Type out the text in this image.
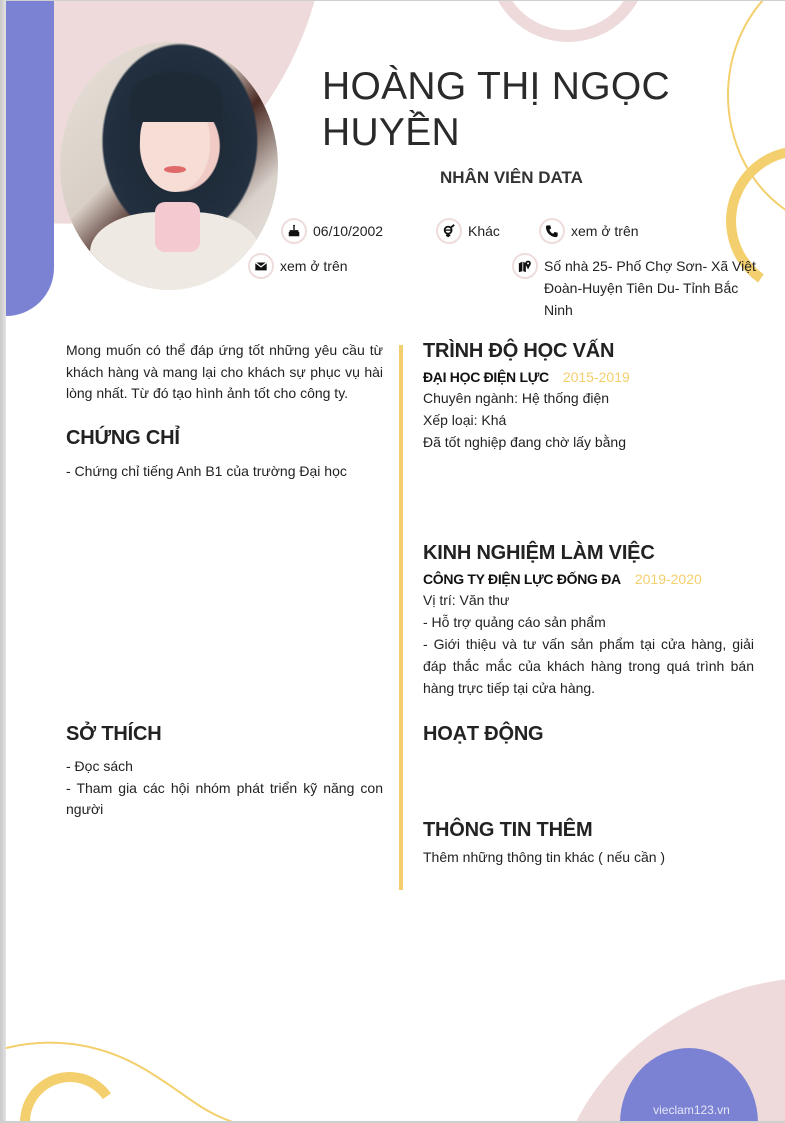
HOÀNG THỊ NGỌC HUYỀN
NHÂN VIÊN DATA
06/10/2002	Khác	xem ở trên
xem ở trên	Số nhà 25- Phố Chợ Sơn- Xã Việt Đoàn-Huyện Tiên Du- Tỉnh Bắc Ninh

Mong muốn có thể đáp ứng tốt những yêu cầu từ khách hàng và mang lại cho khách sự phục vụ hài lòng nhất. Từ đó tạo hình ảnh tốt cho công ty.

CHỨNG CHỈ
- Chứng chỉ tiếng Anh B1 của trường Đại học
SỞ THÍCH
- Đọc sách
- Tham gia các hội nhóm phát triển kỹ năng con người
TRÌNH ĐỘ HỌC VẤN
ĐẠI HỌC ĐIỆN LỰC 2015-2019
Chuyên ngành: Hệ thống điện
Xếp loại: Khá
Đã tốt nghiệp đang chờ lấy bằng
KINH NGHIỆM LÀM VIỆC
CÔNG TY ĐIỆN LỰC ĐỐNG ĐA 2019-2020
Vị trí: Văn thư
- Hỗ trợ quảng cáo sản phẩm
- Giới thiệu và tư vấn sản phẩm tại cửa hàng, giải đáp thắc mắc của khách hàng trong quá trình bán hàng trực tiếp tại cửa hàng.
HOẠT ĐỘNG
THÔNG TIN THÊM
Thêm những thông tin khác ( nếu cần )
vieclam123.vn
